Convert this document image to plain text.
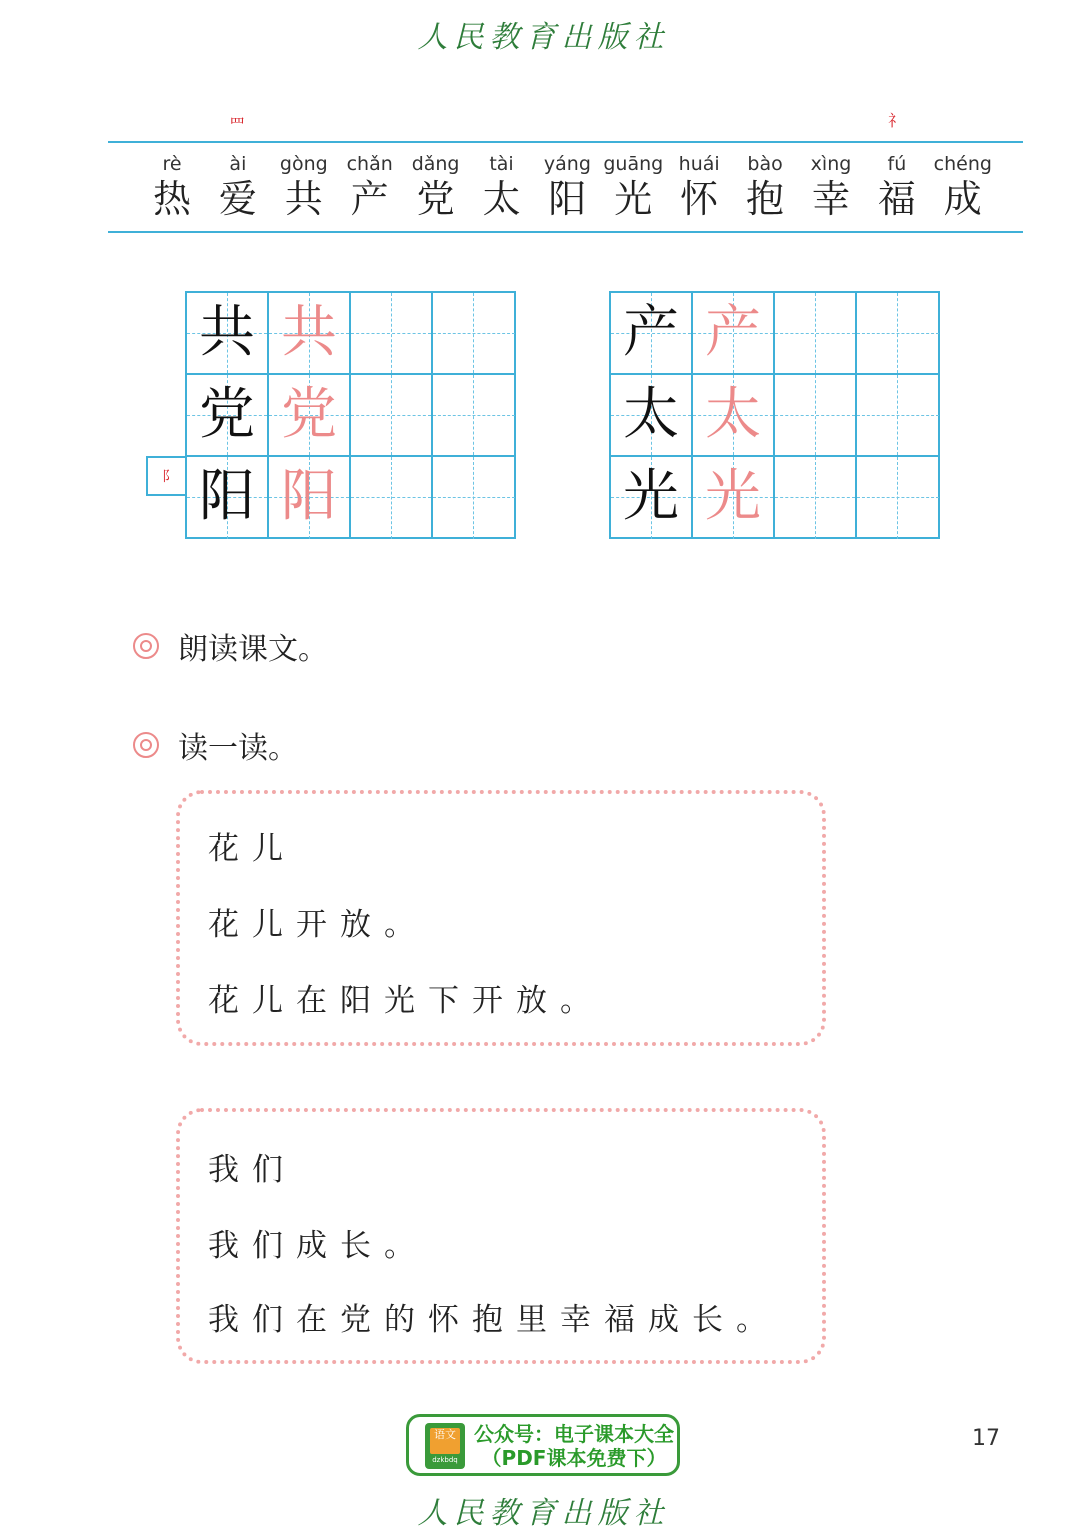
人民教育出版社
罒	礻
rè
热
ài
爱
gòng
共
chǎn
产
dǎng
党
tài
太
yáng
阳
guāng
光
huái
怀
bào
抱
xìng
幸
fú
福
chéng
成
共 共
党 党
阳 阳
阝
产 产
太 太
光 光
朗读课文。
读一读。
花儿
花儿开放。
花儿在阳光下开放。
我们
我们成长。
我们在党的怀抱里幸福成长。
语文
dzkbdq
公众号：电子课本大全
（PDF课本免费下）
17
人民教育出版社
